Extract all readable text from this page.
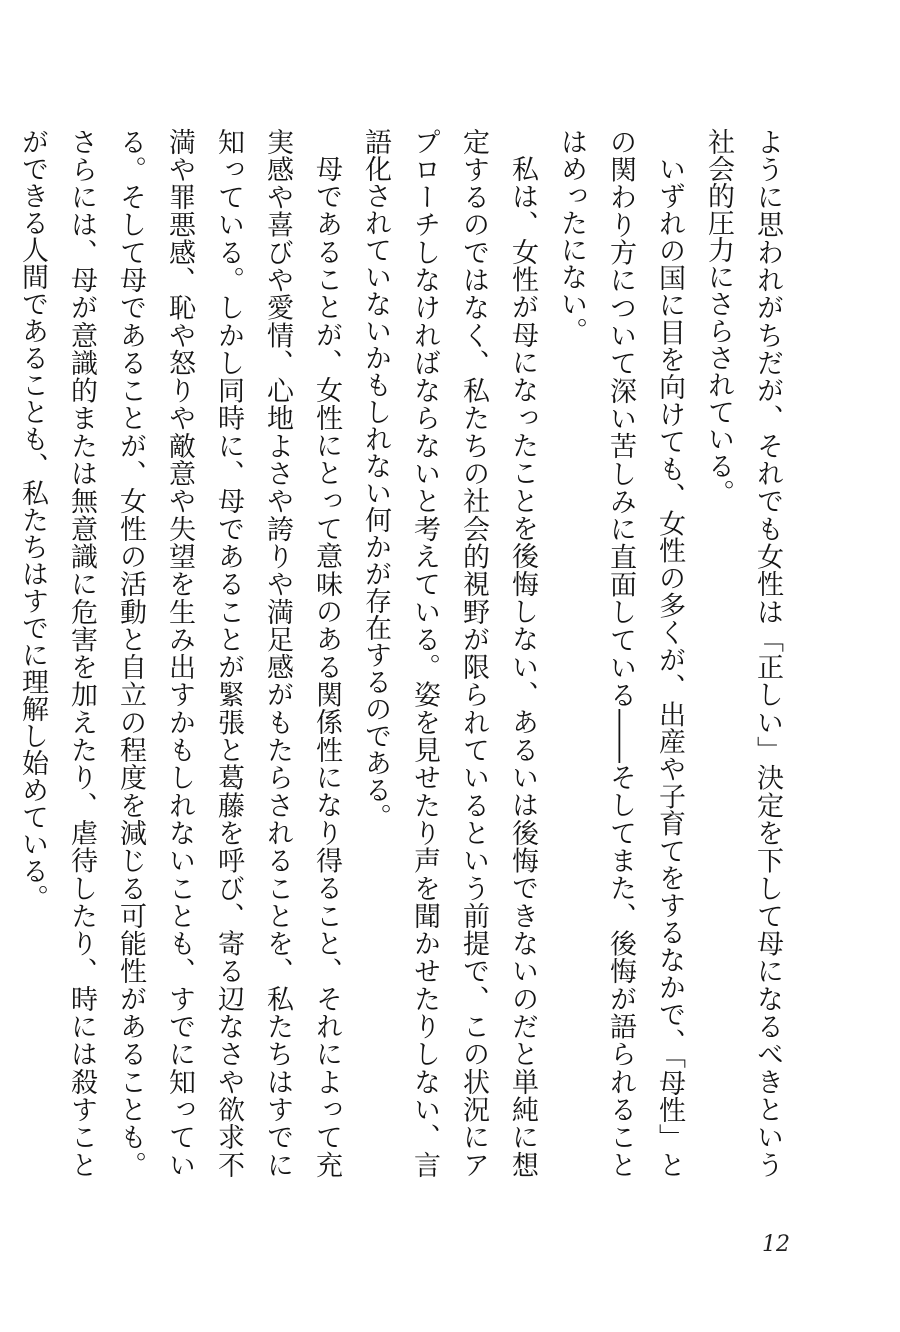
ように思われがちだが、それでも女性は「正しい」決定を下して母になるべきという社会的圧力にさらされている。

いずれの国に目を向けても、女性の多くが、出産や子育てをするなかで、「母性」との関わり方について深い苦しみに直面している――そしてまた、後悔が語られることはめったにない。

私は、女性が母になったことを後悔しない、あるいは後悔できないのだと単純に想定するのではなく、私たちの社会的視野が限られているという前提で、この状況にアプローチしなければならないと考えている。姿を見せたり声を聞かせたりしない、言語化されていないかもしれない何かが存在するのである。

母であることが、女性にとって意味のある関係性になり得ること、それによって充実感や喜びや愛情、心地よさや誇りや満足感がもたらされることを、私たちはすでに知っている。しかし同時に、母であることが緊張と葛藤を呼び、寄る辺なさや欲求不満や罪悪感、恥や怒りや敵意や失望を生み出すかもしれないことも、すでに知っている。そして母であることが、女性の活動と自立の程度を減じる可能性があることも。さらには、母が意識的または無意識に危害を加えたり、虐待したり、時には殺すことができる人間であることも、私たちはすでに理解し始めている。

12
